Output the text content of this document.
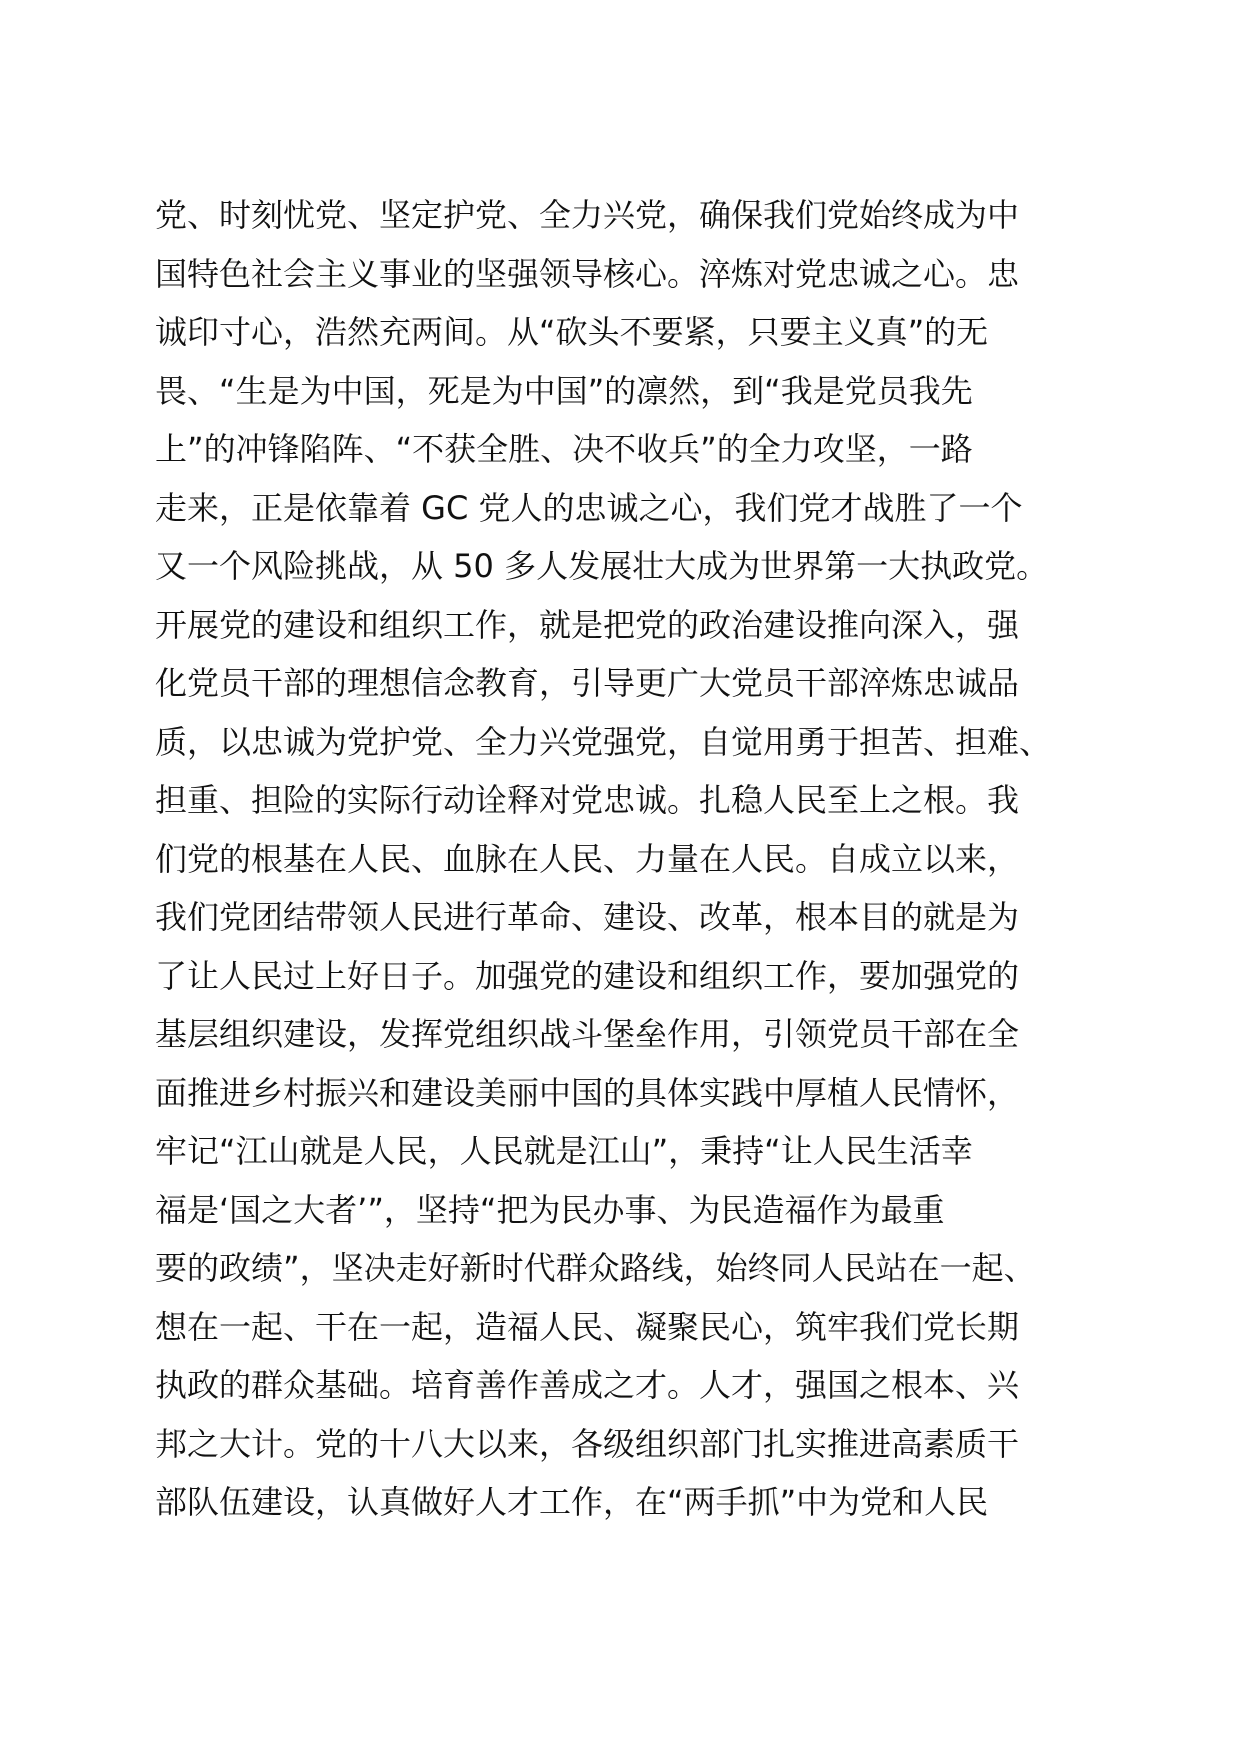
党、时刻忧党、坚定护党、全力兴党，确保我们党始终成为中
国特色社会主义事业的坚强领导核心。淬炼对党忠诚之心。忠
诚印寸心，浩然充两间。从“砍头不要紧，只要主义真”的无
畏、“生是为中国，死是为中国”的凛然，到“我是党员我先
上”的冲锋陷阵、“不获全胜、决不收兵”的全力攻坚，一路
走来，正是依靠着 GC 党人的忠诚之心，我们党才战胜了一个
又一个风险挑战，从 50 多人发展壮大成为世界第一大执政党。
开展党的建设和组织工作，就是把党的政治建设推向深入，强
化党员干部的理想信念教育，引导更广大党员干部淬炼忠诚品
质，以忠诚为党护党、全力兴党强党，自觉用勇于担苦、担难、
担重、担险的实际行动诠释对党忠诚。扎稳人民至上之根。我
们党的根基在人民、血脉在人民、力量在人民。自成立以来，
我们党团结带领人民进行革命、建设、改革，根本目的就是为
了让人民过上好日子。加强党的建设和组织工作，要加强党的
基层组织建设，发挥党组织战斗堡垒作用，引领党员干部在全
面推进乡村振兴和建设美丽中国的具体实践中厚植人民情怀，
牢记“江山就是人民，人民就是江山”，秉持“让人民生活幸
福是‘国之大者’”，坚持“把为民办事、为民造福作为最重
要的政绩”，坚决走好新时代群众路线，始终同人民站在一起、
想在一起、干在一起，造福人民、凝聚民心，筑牢我们党长期
执政的群众基础。培育善作善成之才。人才，强国之根本、兴
邦之大计。党的十八大以来，各级组织部门扎实推进高素质干
部队伍建设，认真做好人才工作，在“两手抓”中为党和人民
